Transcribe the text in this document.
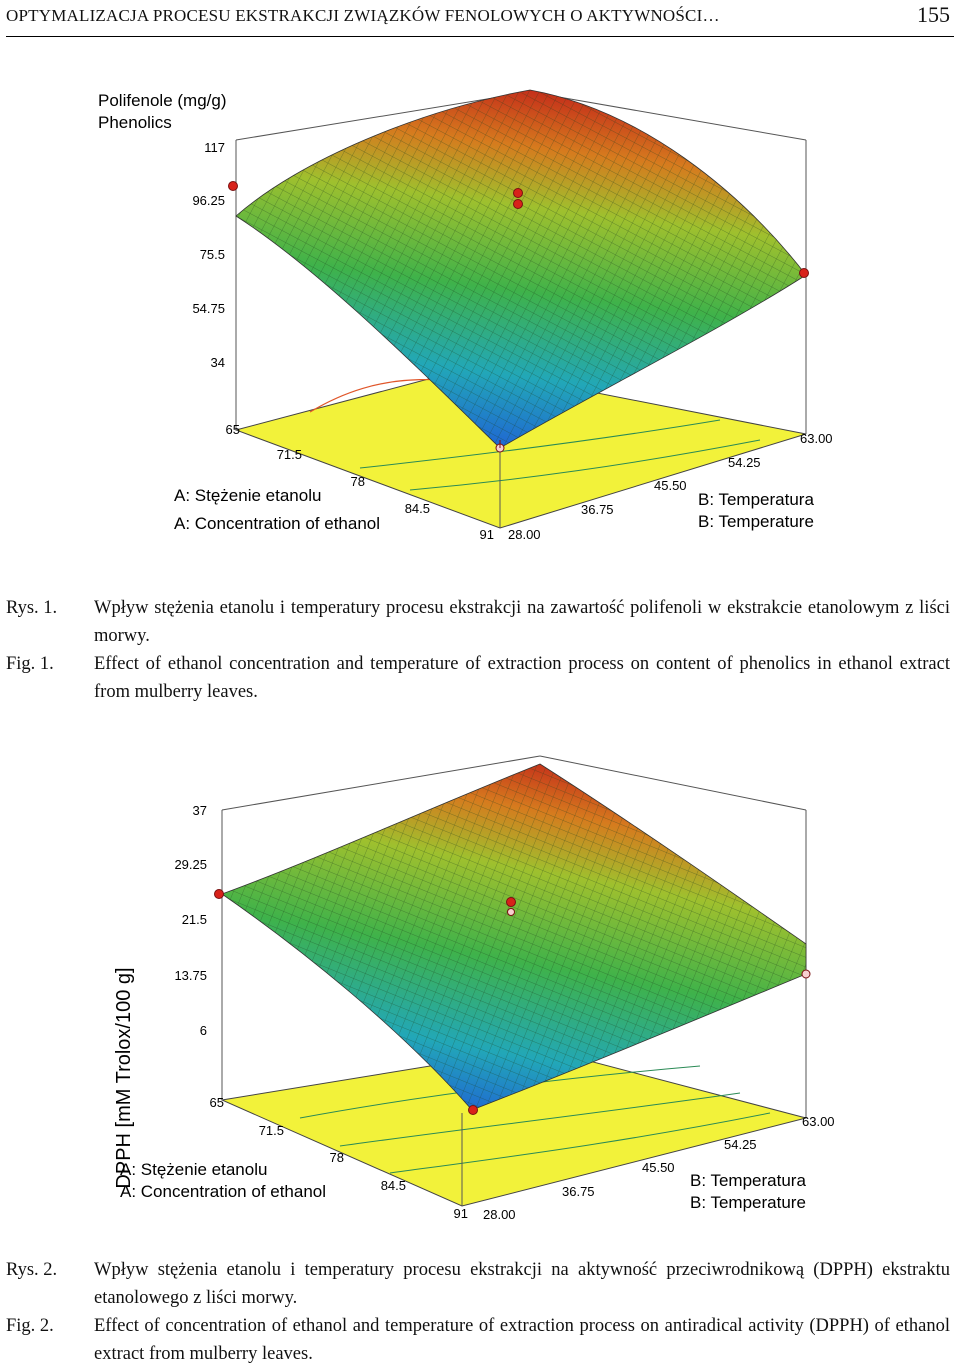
OPTYMALIZACJA PROCESU EKSTRAKCJI ZWIĄZKÓW FENOLOWYCH O AKTYWNOŚCI…	155
Polifenole (mg/g)
Phenolics
117
96.25
75.5
54.75
34
65
71.5
78
84.5
91
63.00
54.25
45.50
36.75
28.00
A: Stężenie etanolu
A: Concentration of ethanol
B: Temperatura
B: Temperature
Rys. 1. Wpływ stężenia etanolu i temperatury procesu ekstrakcji na zawartość polifenoli w ekstrakcie etanolowym z liści morwy.
Fig. 1. Effect of ethanol concentration and temperature of extraction process on content of phenolics in ethanol extract from mulberry leaves.
DPPH [mM Trolox/100 g]
37
29.25
21.5
13.75
6
65
71.5
78
84.5
91
63.00
54.25
45.50
36.75
28.00
A: Stężenie etanolu
A: Concentration of ethanol
B: Temperatura
B: Temperature
Rys. 2. Wpływ stężenia etanolu i temperatury procesu ekstrakcji na aktywność przeciwrodnikową (DPPH) ekstraktu etanolowego z liści morwy.
Fig. 2. Effect of concentration of ethanol and temperature of extraction process on antiradical activity (DPPH) of ethanol extract from mulberry leaves.
